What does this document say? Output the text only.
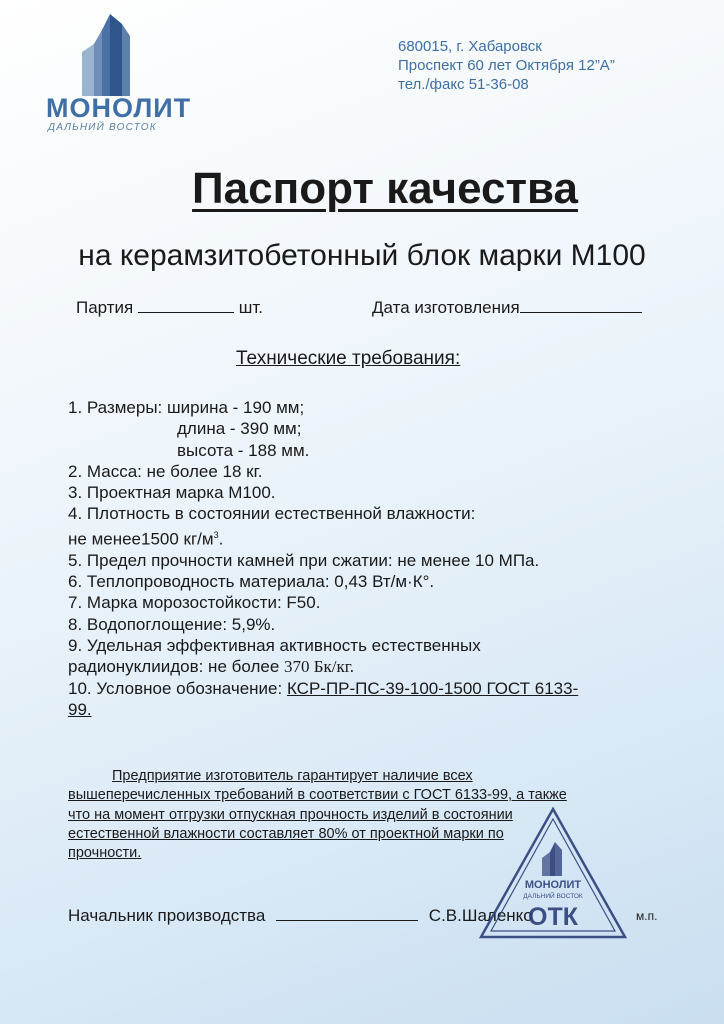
МОНОЛИТ
ДАЛЬНИЙ ВОСТОК
680015, г. Хабаровск
Проспект 60 лет Октября 12”А”
тел./факс 51-36-08
Паспорт качества
на керамзитобетонный блок марки М100
Партия	шт.	Дата изготовления
Технические требования:
1. Размеры: ширина - 190 мм;
длина - 390 мм;
высота - 188 мм.
2. Масса: не более 18 кг.
3. Проектная марка М100.
4. Плотность в состоянии естественной влажности:
не менее1500 $кг/м^3$.
5. Предел прочности камней при сжатии: не менее 10 МПа.
6. Теплопроводность материала: 0,43 Вт/м·К°.
7. Марка морозостойкости: F50.
8. Водопоглощение: 5,9%.
9. Удельная эффективная активность естественных
радионуклиидов: не более 370 Бк/кг.
10. Условное обозначение: КСР-ПР-ПС-39-100-1500 ГОСТ 6133-
99.
Предприятие изготовитель гарантирует наличие всех
вышеперечисленных требований в соответствии с ГОСТ 6133-99, а также
что на момент отгрузки отпускная прочность изделий в состоянии
естественной влажности составляет 80% от проектной марки по
прочности.
Начальник производства	С.В.Шаленко	м.п.
МОНОЛИТ
ДАЛЬНИЙ ВОСТОК
ОТК
